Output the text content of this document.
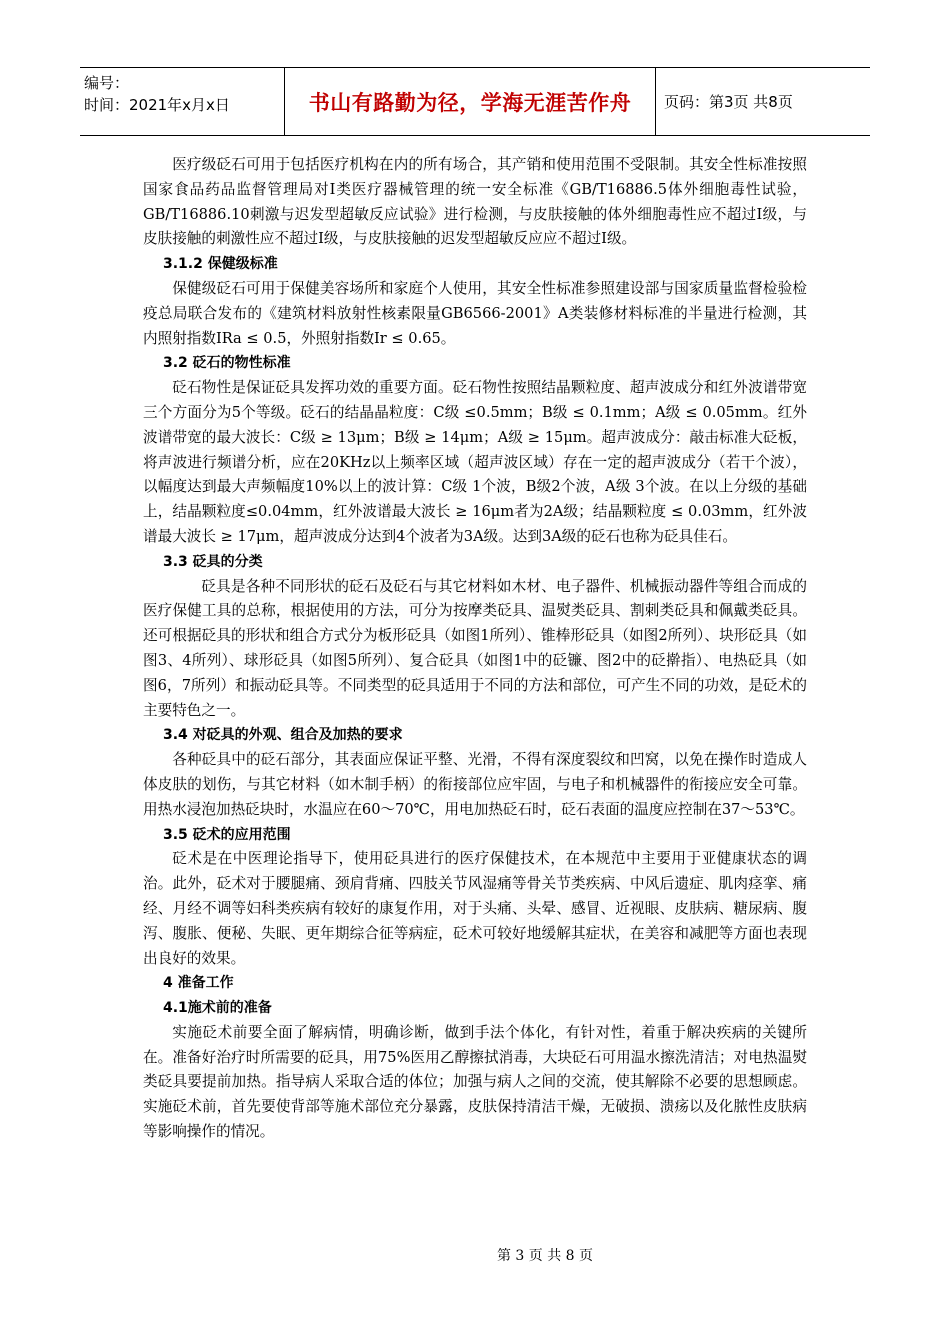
编号：
时间：2021年x月x日	书山有路勤为径，学海无涯苦作舟	页码：第3页 共8页

医疗级砭石可用于包括医疗机构在内的所有场合，其产销和使用范围不受限制。其安全性标准按照国家食品药品监督管理局对Ⅰ类医疗器械管理的统一安全标准《GB/T16886.5体外细胞毒性试验，GB/T16886.10刺激与迟发型超敏反应试验》进行检测，与皮肤接触的体外细胞毒性应不超过Ⅰ级，与皮肤接触的刺激性应不超过Ⅰ级，与皮肤接触的迟发型超敏反应应不超过Ⅰ级。

3.1.2 保健级标准

保健级砭石可用于保健美容场所和家庭个人使用，其安全性标准参照建设部与国家质量监督检验检疫总局联合发布的《建筑材料放射性核素限量GB6566-2001》A类装修材料标准的半量进行检测，其内照射指数IRa ≤ 0.5，外照射指数Ir ≤ 0.65。

3.2 砭石的物性标准

砭石物性是保证砭具发挥功效的重要方面。砭石物性按照结晶颗粒度、超声波成分和红外波谱带宽三个方面分为5个等级。砭石的结晶晶粒度：C级 ≤0.5mm；B级 ≤ 0.1mm；A级 ≤ 0.05mm。红外波谱带宽的最大波长：C级 ≥ 13μm；B级 ≥ 14μm；A级 ≥ 15μm。超声波成分：敲击标准大砭板，将声波进行频谱分析，应在20KHz以上频率区域（超声波区域）存在一定的超声波成分（若干个波），以幅度达到最大声频幅度10%以上的波计算：C级 1个波，B级2个波，A级 3个波。在以上分级的基础上，结晶颗粒度≤0.04mm，红外波谱最大波长 ≥ 16μm者为2A级；结晶颗粒度 ≤ 0.03mm，红外波谱最大波长 ≥ 17μm，超声波成分达到4个波者为3A级。达到3A级的砭石也称为砭具佳石。

3.3 砭具的分类

砭具是各种不同形状的砭石及砭石与其它材料如木材、电子器件、机械振动器件等组合而成的医疗保健工具的总称，根据使用的方法，可分为按摩类砭具、温熨类砭具、割刺类砭具和佩戴类砭具。还可根据砭具的形状和组合方式分为板形砭具（如图1所列）、锥棒形砭具（如图2所列）、块形砭具（如图3、4所列）、球形砭具（如图5所列）、复合砭具（如图1中的砭镰、图2中的砭擀指）、电热砭具（如图6，7所列）和振动砭具等。不同类型的砭具适用于不同的方法和部位，可产生不同的功效，是砭术的主要特色之一。

3.4 对砭具的外观、组合及加热的要求

各种砭具中的砭石部分，其表面应保证平整、光滑，不得有深度裂纹和凹窝，以免在操作时造成人体皮肤的划伤，与其它材料（如木制手柄）的衔接部位应牢固，与电子和机械器件的衔接应安全可靠。用热水浸泡加热砭块时，水温应在60～70℃，用电加热砭石时，砭石表面的温度应控制在37～53℃。

3.5 砭术的应用范围

砭术是在中医理论指导下，使用砭具进行的医疗保健技术，在本规范中主要用于亚健康状态的调治。此外，砭术对于腰腿痛、颈肩背痛、四肢关节风湿痛等骨关节类疾病、中风后遗症、肌肉痉挛、痛经、月经不调等妇科类疾病有较好的康复作用，对于头痛、头晕、感冒、近视眼、皮肤病、糖尿病、腹泻、腹胀、便秘、失眠、更年期综合征等病症，砭术可较好地缓解其症状，在美容和减肥等方面也表现出良好的效果。

4 准备工作
4.1施术前的准备

实施砭术前要全面了解病情，明确诊断，做到手法个体化，有针对性，着重于解决疾病的关键所在。准备好治疗时所需要的砭具，用75%医用乙醇擦拭消毒，大块砭石可用温水擦洗清洁；对电热温熨类砭具要提前加热。指导病人采取合适的体位；加强与病人之间的交流，使其解除不必要的思想顾虑。实施砭术前，首先要使背部等施术部位充分暴露，皮肤保持清洁干燥，无破损、溃疡以及化脓性皮肤病等影响操作的情况。

第 3 页 共 8 页
